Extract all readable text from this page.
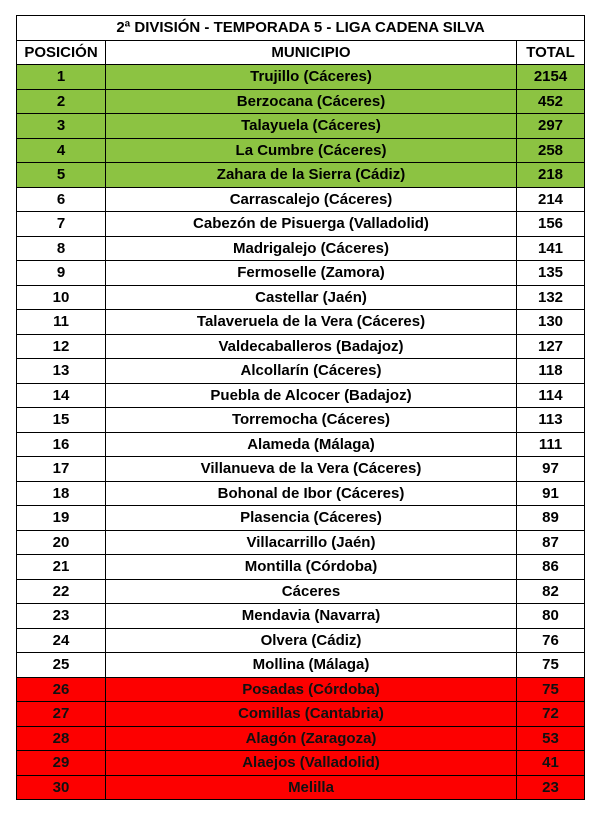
2ª DIVISIÓN - TEMPORADA 5 - LIGA CADENA SILVA		
POSICIÓN	MUNICIPIO	TOTAL
1	Trujillo (Cáceres)	2154
2	Berzocana (Cáceres)	452
3	Talayuela (Cáceres)	297
4	La Cumbre (Cáceres)	258
5	Zahara de la Sierra (Cádiz)	218
6	Carrascalejo (Cáceres)	214
7	Cabezón de Pisuerga (Valladolid)	156
8	Madrigalejo (Cáceres)	141
9	Fermoselle (Zamora)	135
10	Castellar (Jaén)	132
11	Talaveruela de la Vera (Cáceres)	130
12	Valdecaballeros (Badajoz)	127
13	Alcollarín (Cáceres)	118
14	Puebla de Alcocer (Badajoz)	114
15	Torremocha (Cáceres)	113
16	Alameda (Málaga)	111
17	Villanueva de la Vera (Cáceres)	97
18	Bohonal de Ibor (Cáceres)	91
19	Plasencia (Cáceres)	89
20	Villacarrillo (Jaén)	87
21	Montilla (Córdoba)	86
22	Cáceres	82
23	Mendavia (Navarra)	80
24	Olvera (Cádiz)	76
25	Mollina (Málaga)	75
26	Posadas (Córdoba)	75
27	Comillas (Cantabria)	72
28	Alagón (Zaragoza)	53
29	Alaejos (Valladolid)	41
30	Melilla	23
